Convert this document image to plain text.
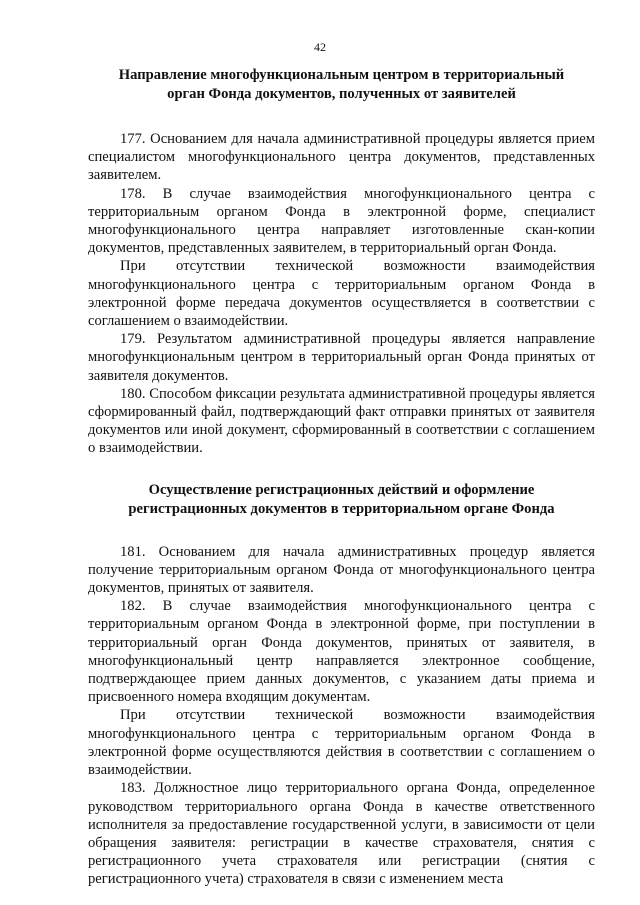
42
Направление многофункциональным центром в территориальный
орган Фонда документов, полученных от заявителей

177. Основанием для начала административной процедуры является прием специалистом многофункционального центра документов, представленных заявителем.

178. В случае взаимодействия многофункционального центра с территориальным органом Фонда в электронной форме, специалист многофункционального центра направляет изготовленные скан-копии документов, представленных заявителем, в территориальный орган Фонда.

При отсутствии технической возможности взаимодействия многофункционального центра с территориальным органом Фонда в электронной форме передача документов осуществляется в соответствии с соглашением о взаимодействии.

179. Результатом административной процедуры является направление многофункциональным центром в территориальный орган Фонда принятых от заявителя документов.

180. Способом фиксации результата административной процедуры является сформированный файл, подтверждающий факт отправки принятых от заявителя документов или иной документ, сформированный в соответствии с соглашением о взаимодействии.

Осуществление регистрационных действий и оформление
регистрационных документов в территориальном органе Фонда

181. Основанием для начала административных процедур является получение территориальным органом Фонда от многофункционального центра документов, принятых от заявителя.

182. В случае взаимодействия многофункционального центра с территориальным органом Фонда в электронной форме, при поступлении в территориальный орган Фонда документов, принятых от заявителя, в многофункциональный центр направляется электронное сообщение, подтверждающее прием данных документов, с указанием даты приема и присвоенного номера входящим документам.

При отсутствии технической возможности взаимодействия многофункционального центра с территориальным органом Фонда в электронной форме осуществляются действия в соответствии с соглашением о взаимодействии.

183. Должностное лицо территориального органа Фонда, определенное руководством территориального органа Фонда в качестве ответственного исполнителя за предоставление государственной услуги, в зависимости от цели обращения заявителя: регистрации в качестве страхователя, снятия с регистрационного учета страхователя или регистрации (снятия с регистрационного учета) страхователя в связи с изменением места
